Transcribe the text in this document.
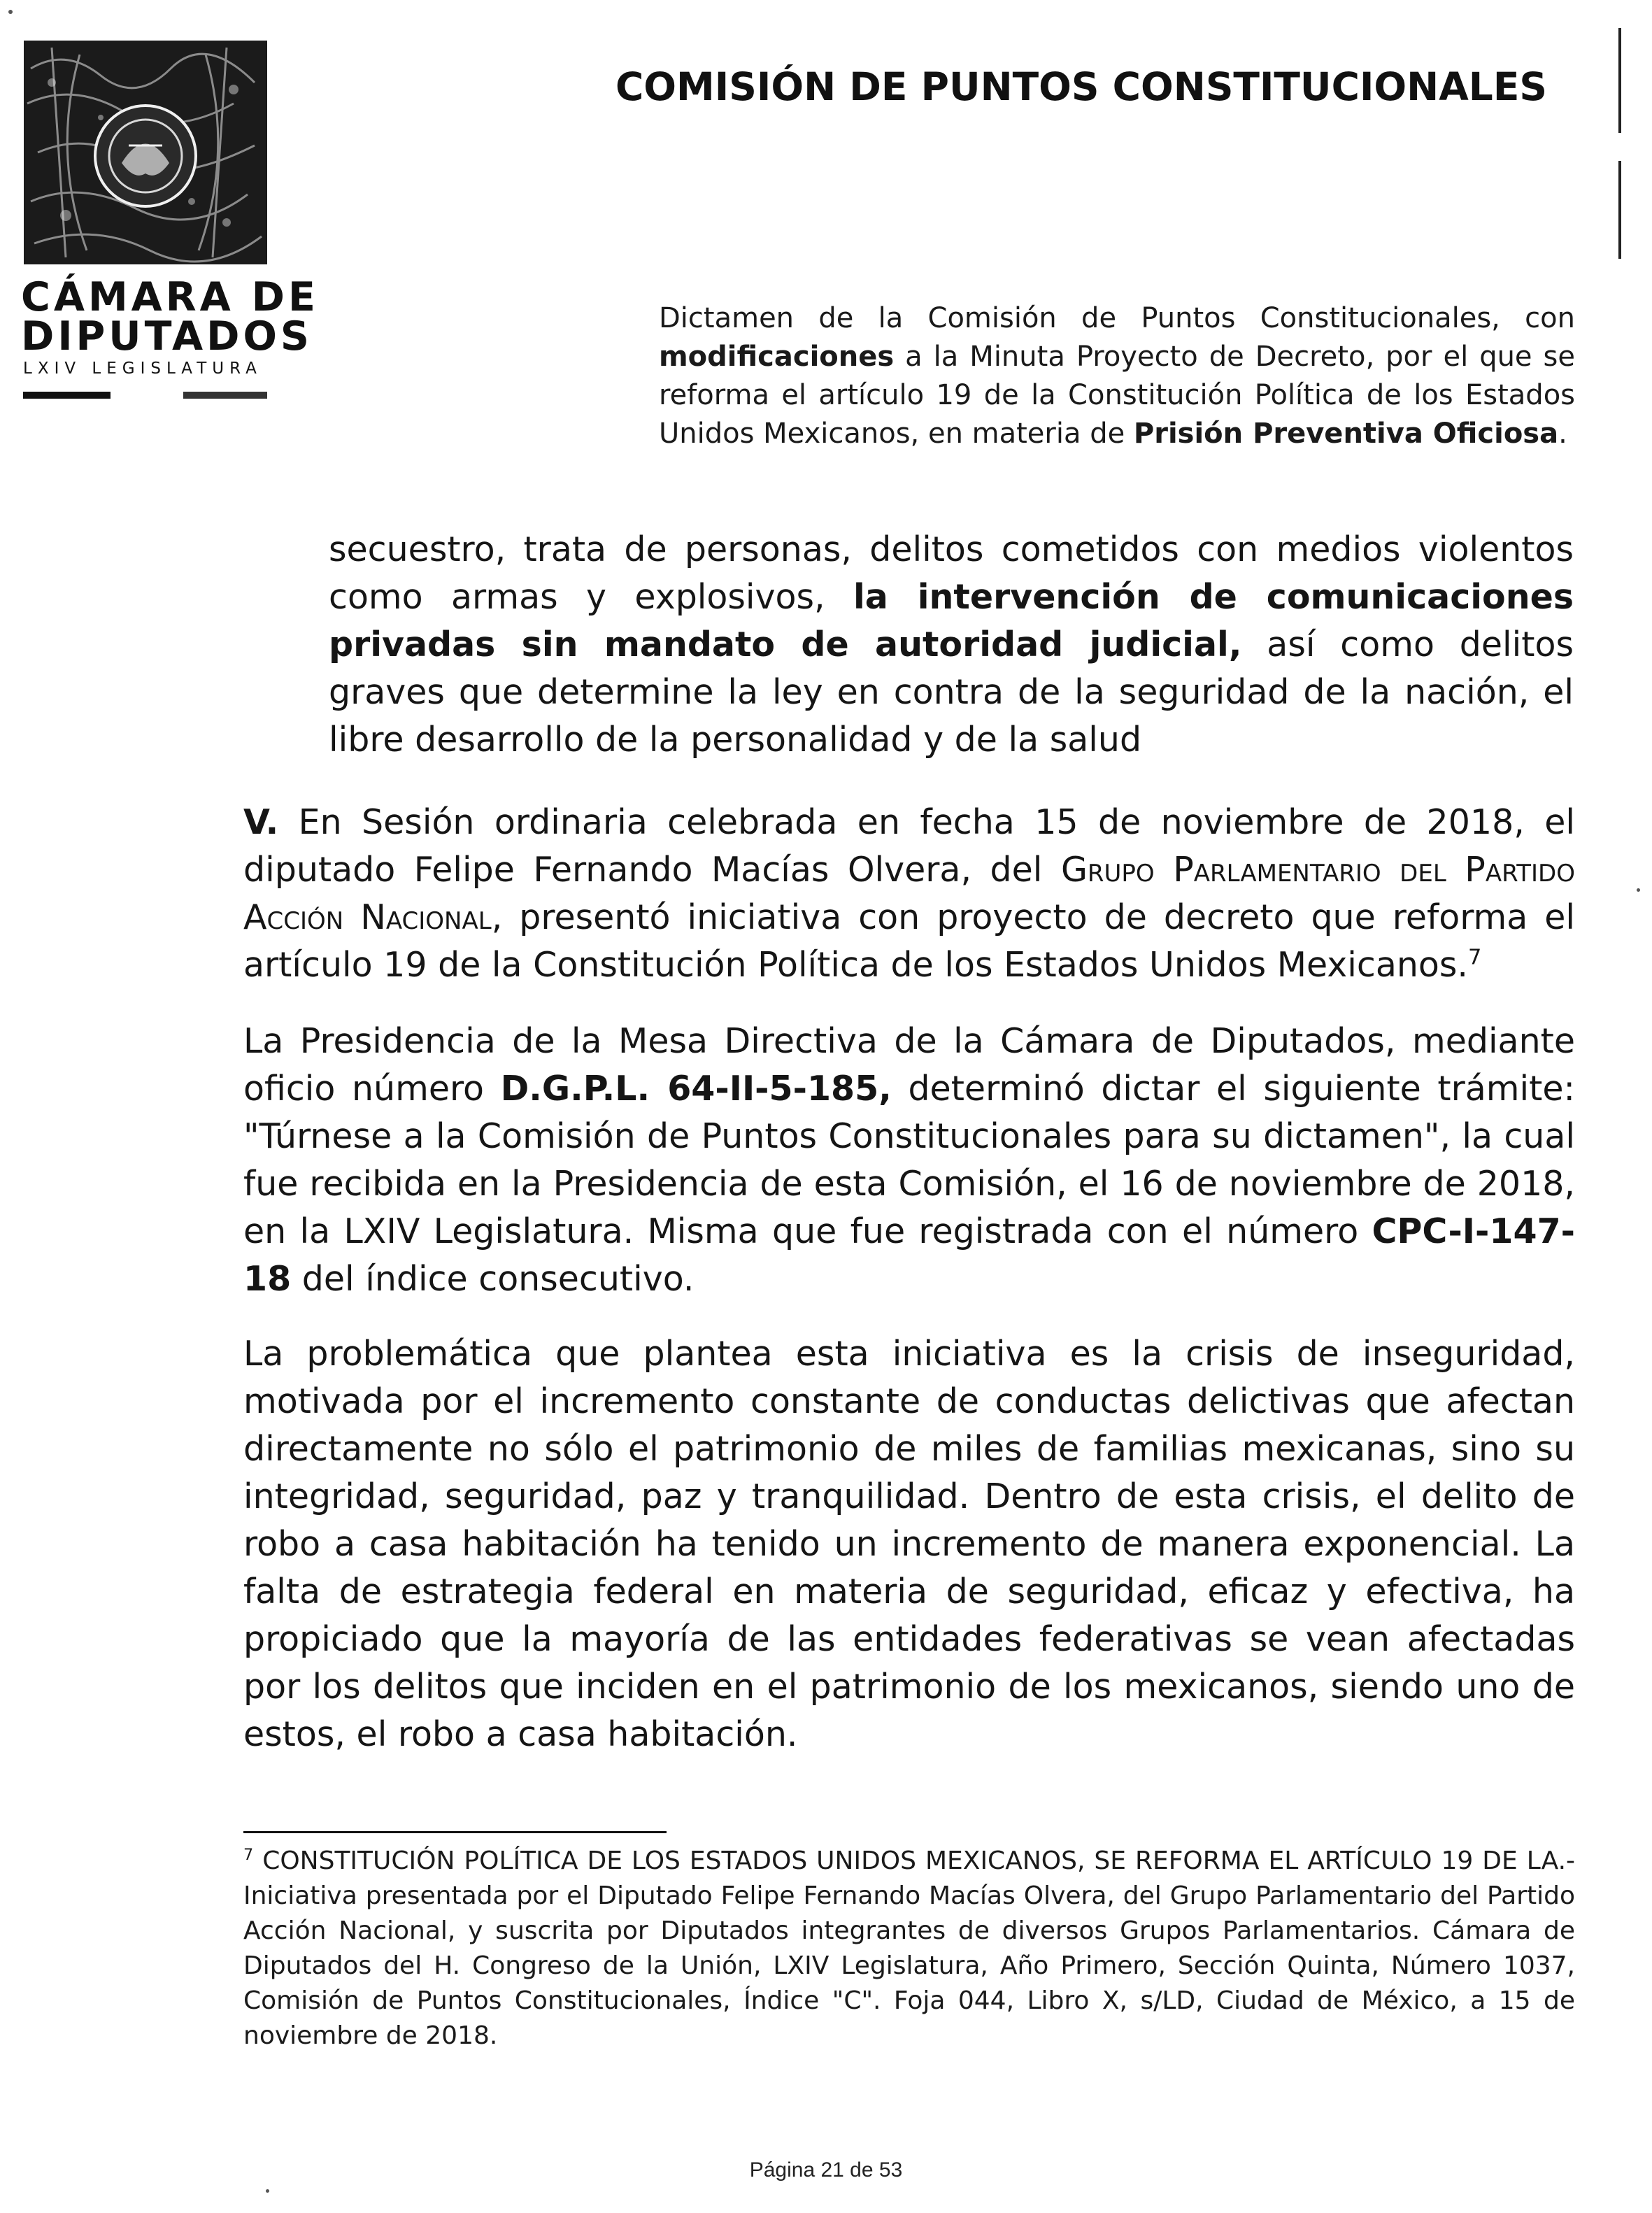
CÁMARA DE
DIPUTADOS
LXIV LEGISLATURA
COMISIÓN DE PUNTOS CONSTITUCIONALES
Dictamen de la Comisión de Puntos Constitucionales, con modificaciones a la Minuta Proyecto de Decreto, por el que se reforma el artículo 19 de la Constitución Política de los Estados Unidos Mexicanos, en materia de Prisión Preventiva Oficiosa.
secuestro, trata de personas, delitos cometidos con medios violentos como armas y explosivos, la intervención de comunicaciones privadas sin mandato de autoridad judicial, así como delitos graves que determine la ley en contra de la seguridad de la nación, el libre desarrollo de la personalidad y de la salud
V. En Sesión ordinaria celebrada en fecha 15 de noviembre de 2018, el diputado Felipe Fernando Macías Olvera, del Grupo Parlamentario del Partido Acción Nacional, presentó iniciativa con proyecto de decreto que reforma el artículo 19 de la Constitución Política de los Estados Unidos Mexicanos.$^7$
La Presidencia de la Mesa Directiva de la Cámara de Diputados, mediante oficio número D.G.P.L. 64-II-5-185, determinó dictar el siguiente trámite: "Túrnese a la Comisión de Puntos Constitucionales para su dictamen", la cual fue recibida en la Presidencia de esta Comisión, el 16 de noviembre de 2018, en la LXIV Legislatura. Misma que fue registrada con el número CPC-I-147-18 del índice consecutivo.
La problemática que plantea esta iniciativa es la crisis de inseguridad, motivada por el incremento constante de conductas delictivas que afectan directamente no sólo el patrimonio de miles de familias mexicanas, sino su integridad, seguridad, paz y tranquilidad. Dentro de esta crisis, el delito de robo a casa habitación ha tenido un incremento de manera exponencial. La falta de estrategia federal en materia de seguridad, eficaz y efectiva, ha propiciado que la mayoría de las entidades federativas se vean afectadas por los delitos que inciden en el patrimonio de los mexicanos, siendo uno de estos, el robo a casa habitación.
$^7$ CONSTITUCIÓN POLÍTICA DE LOS ESTADOS UNIDOS MEXICANOS, SE REFORMA EL ARTÍCULO 19 DE LA.- Iniciativa presentada por el Diputado Felipe Fernando Macías Olvera, del Grupo Parlamentario del Partido Acción Nacional, y suscrita por Diputados integrantes de diversos Grupos Parlamentarios. Cámara de Diputados del H. Congreso de la Unión, LXIV Legislatura, Año Primero, Sección Quinta, Número 1037, Comisión de Puntos Constitucionales, Índice "C". Foja 044, Libro X, s/LD, Ciudad de México, a 15 de noviembre de 2018.
Página 21 de 53
